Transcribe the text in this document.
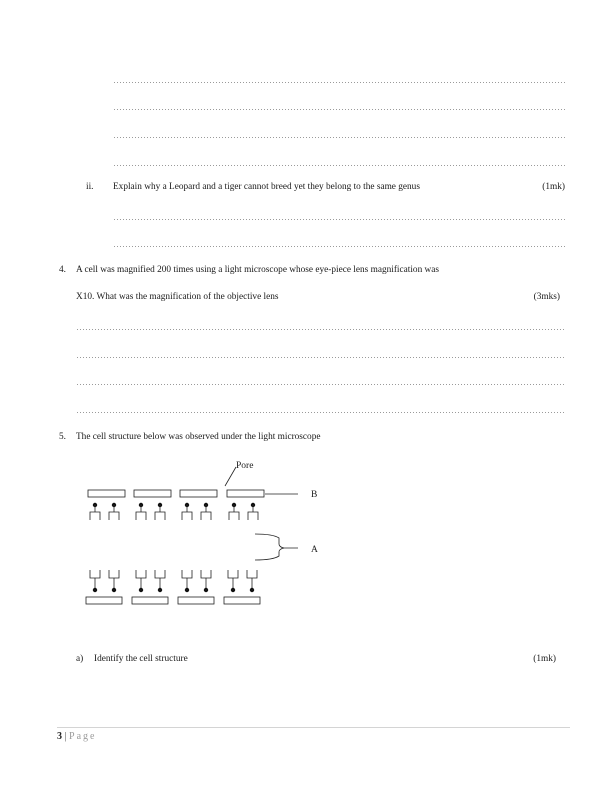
ii. Explain why a Leopard and a tiger cannot breed yet they belong to the same genus	(1mk)
4. A cell was magnified 200 times using a light microscope whose eye-piece lens magnification was
X10. What was the magnification of the objective lens	(3mks)
5. The cell structure below was observed under the light microscope
Pore
B
A
a) Identify the cell structure	(1mk)
3 | Page
